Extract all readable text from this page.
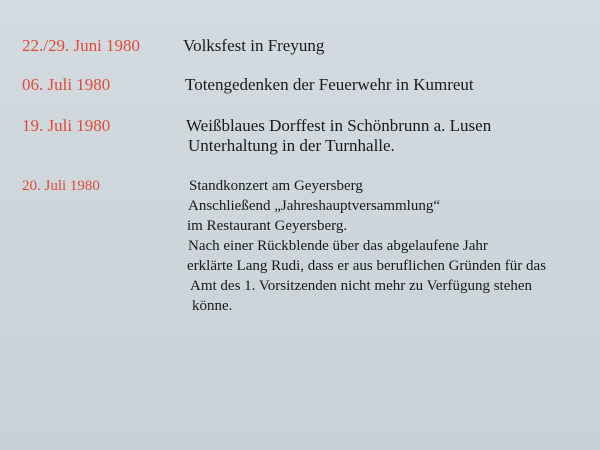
22./29. Juni 1980	Volksfest in Freyung
06. Juli 1980	Totengedenken der Feuerwehr in Kumreut
19. Juli 1980	Weißblaues Dorffest in Schönbrunn a. Lusen
Unterhaltung in der Turnhalle.
20. Juli 1980	Standkonzert am Geyersberg
Anschließend „Jahreshauptversammlung“
im Restaurant Geyersberg.
Nach einer Rückblende über das abgelaufene Jahr
erklärte Lang Rudi, dass er aus beruflichen Gründen für das
Amt des 1. Vorsitzenden nicht mehr zu Verfügung stehen
könne.
